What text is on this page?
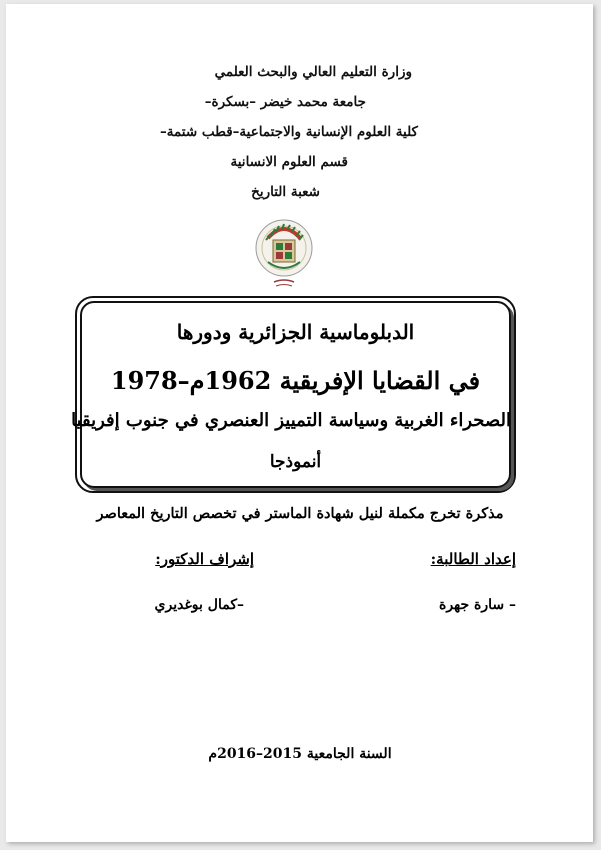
وزارة التعليم العالي والبحث العلمي
جامعة محمد خيضر –بسكرة–
كلية العلوم الإنسانية والاجتماعية–قطب شتمة–
قسم العلوم الانسانية
شعبة التاريخ
الدبلوماسية الجزائرية ودورها
في القضايا الإفريقية 1962م–1978
الصحراء الغربية وسياسة التمييز العنصري في جنوب إفريقيا
أنموذجا
مذكرة تخرج مكملة لنيل شهادة الماستر في تخصص التاريخ المعاصر
إعداد الطالبة:
إشراف الدكتور:
– سارة جهرة
–كمال بوغديري
السنة الجامعية 2015–2016م
